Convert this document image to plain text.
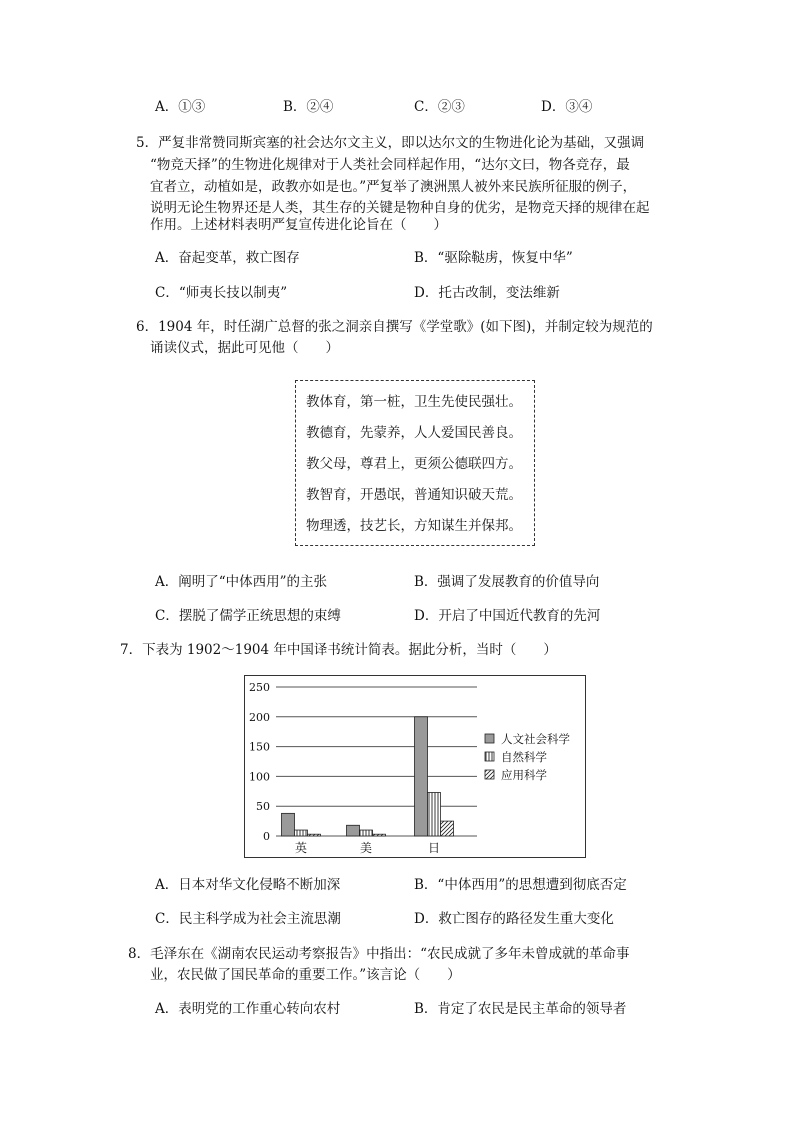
A．①③	B．②④	C．②③	D．③④
5．严复非常赞同斯宾塞的社会达尔文主义，即以达尔文的生物进化论为基础，又强调
“物竞天择”的生物进化规律对于人类社会同样起作用，“达尔文曰，物各竞存，最
宜者立，动植如是，政教亦如是也。”严复举了澳洲黑人被外来民族所征服的例子，
说明无论生物界还是人类，其生存的关键是物种自身的优劣，是物竞天择的规律在起
作用。上述材料表明严复宣传进化论旨在（　　）
A．奋起变革，救亡图存	B．“驱除鞑虏，恢复中华”
C．“师夷长技以制夷”	D．托古改制，变法维新
6．1904 年，时任湖广总督的张之洞亲自撰写《学堂歌》(如下图)，并制定较为规范的
诵读仪式，据此可见他（　　）
教体育，第一桩，卫生先使民强壮。
教德育，先蒙养，人人爱国民善良。
教父母，尊君上，更须公德联四方。
教智育，开愚氓，普通知识破天荒。
物理透，技艺长，方知谋生并保邦。
A．阐明了“中体西用”的主张	B．强调了发展教育的价值导向
C．摆脱了儒学正统思想的束缚	D．开启了中国近代教育的先河
7．下表为 1902～1904 年中国译书统计简表。据此分析，当时（　　）
0
50
100
150
200
250
英	美	日
人文社会科学
自然科学
应用科学
A．日本对华文化侵略不断加深	B．“中体西用”的思想遭到彻底否定
C．民主科学成为社会主流思潮	D．救亡图存的路径发生重大变化
8．毛泽东在《湖南农民运动考察报告》中指出：“农民成就了多年未曾成就的革命事
业，农民做了国民革命的重要工作。”该言论（　　）
A．表明党的工作重心转向农村	B．肯定了农民是民主革命的领导者
